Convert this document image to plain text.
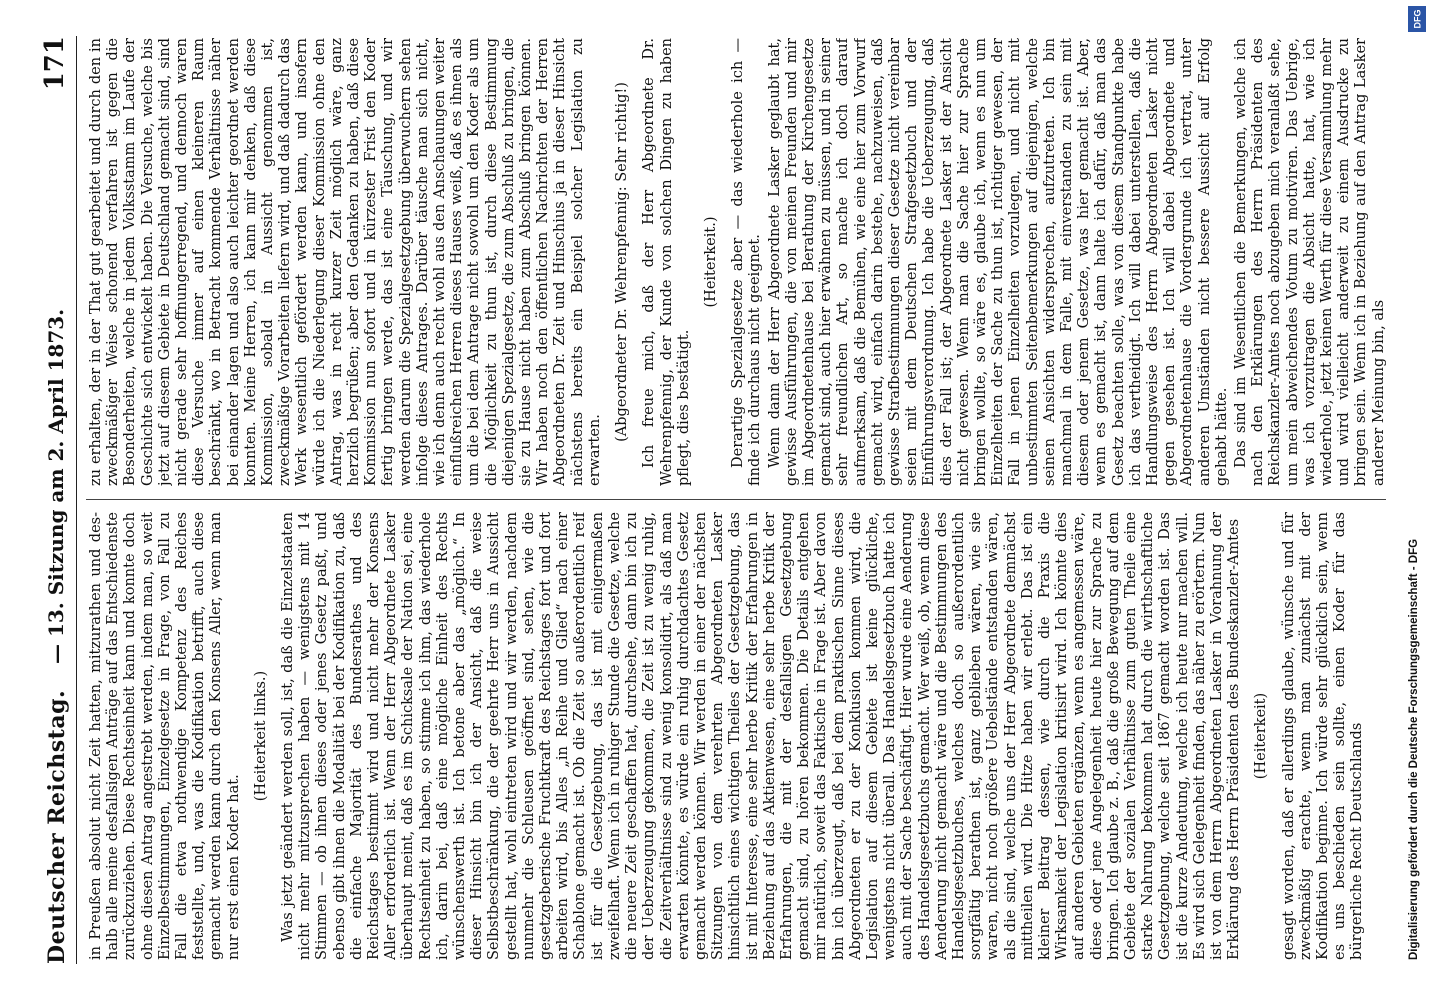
Deutscher Reichstag.
— 13. Sitzung am 2. April 1873.
171

in Preußen absolut nicht Zeit hatten, mitzurathen und des-halb alle meine desfallsigen Anträge auf das Entschiedenste zurückzuziehen. Diese Rechtseinheit kann und konnte doch ohne diesen Antrag angestrebt werden, indem man, so weit Einzelbestimmungen, Einzelgesetze in Frage, von Fall zu Fall die etwa nothwendige Kompetenz des Reiches feststellte, und, was die Kodifikation betrifft, auch diese gemacht werden kann durch den Konsens Aller, wenn man nur erst einen Koder hat.

(Heiterkeit links.) Was jetzt geändert werden soll, ist, daß die Einzelstaaten nicht mehr mitzusprechen haben — wenigstens mit 14 Stimmen — ob ihnen dieses oder jenes Gesetz paßt, und ebenso gibt ihnen die Modalität bei der Kodifikation zu, daß die einfache Majorität des Bundesrathes und des Reichstages bestimmt wird und nicht mehr der Konsens Aller erforderlich ist. Wenn der Herr Abgeordnete Lasker überhaupt meint, daß es im Schicksale der Nation sei, eine Rechtseinheit zu haben, so stimme ich ihm, das wiederhole ich, darin bei, daß eine mögliche Einheit des Rechts wünschenswerth ist. Ich betone aber das „möglich.“ In dieser Hinsicht bin ich der Ansicht, daß die weise Selbstbeschränkung, die der geehrte Herr uns in Aussicht gestellt hat, wohl eintreten wird und wir werden, nachdem nunmehr die Schleusen geöffnet sind, sehen, wie die gesetzgeberische Fruchtkraft des Reichstages fort und fort arbeiten wird, bis Alles „in Reihe und Glied“ nach einer Schablone gemacht ist. Ob die Zeit so außerordentlich reif ist für die Gesetzgebung, das ist mit einigermaßen zweifelhaft. Wenn ich in ruhiger Stunde die Gesetze, welche die neuere Zeit geschaffen hat, durchsehe, dann bin ich zu der Ueberzeugung gekommen, die Zeit ist zu wenig ruhig, die Zeitverhältnisse sind zu wenig konsolidirt, als daß man erwarten könnte, es würde ein ruhig durchdachtes Gesetz gemacht werden können. Wir werden in einer der nächsten Sitzungen von dem verehrten Abgeordneten Lasker hinsichtlich eines wichtigen Theiles der Gesetzgebung, das ist mit Interesse, eine sehr herbe Kritik der Erfahrungen in Beziehung auf das Aktienwesen, eine sehr herbe Kritik der Erfahrungen, die mit der desfallsigen Gesetzgebung gemacht sind, zu hören bekommen. Die Details entgehen mir natürlich, soweit das Faktische in Frage ist. Aber davon bin ich überzeugt, daß bei dem praktischen Sinne dieses Abgeordneten er zu der Konklusion kommen wird, die Legislation auf diesem Gebiete ist keine glückliche, wenigstens nicht überall. Das Handelsgesetzbuch hatte ich auch mit der Sache beschäftigt. Hier wurde eine Aenderung des Handelsgesetzbuchs gemacht. Wer weiß, ob, wenn diese Aenderung nicht gemacht wäre und die Bestimmungen des Handelsgesetzbuches, welches doch so außerordentlich sorgfältig berathen ist, ganz geblieben wären, wie sie waren, nicht noch größere Uebelstände entstanden wären, als die sind, welche uns der Herr Abgeordnete demnächst mittheilen wird. Die Hitze haben wir erlebt. Das ist ein kleiner Beitrag dessen, wie durch die Praxis die Wirksamkeit der Legislation kritisirt wird. Ich könnte dies auf anderen Gebieten ergänzen, wenn es angemessen wäre, diese oder jene Angelegenheit heute hier zur Sprache zu bringen. Ich glaube z. B., daß die große Bewegung auf dem Gebiete der sozialen Verhältnisse zum guten Theile eine starke Nahrung bekommen hat durch die wirthschaftliche Gesetzgebung, welche seit 1867 gemacht worden ist. Das ist die kurze Andeutung, welche ich heute nur machen will. Es wird sich Gelegenheit finden, das näher zu erörtern. Nun ist von dem Herrn Abgeordneten Lasker in Vorahnung der Erklärung des Herrn Präsidenten des Bundeskanzler-Amtes (Heiterkeit) gesagt worden, daß er allerdings glaube, wünsche und für zweckmäßig erachte, wenn man zunächst mit der Kodifikation beginne. Ich würde sehr glücklich sein, wenn es uns beschieden sein sollte, einen Koder für das bürgerliche Recht Deutschlands

zu erhalten, der in der That gut gearbeitet und durch den in zweckmäßiger Weise schonend verfahren ist gegen die Besonderheiten, welche in jedem Volksstamm im Laufe der Geschichte sich entwickelt haben. Die Versuche, welche bis jetzt auf diesem Gebiete in Deutschland gemacht sind, sind nicht gerade sehr hoffnungerregend, und dennoch waren diese Versuche immer auf einen kleineren Raum beschränkt, wo in Betracht kommende Verhältnisse näher bei einander lagen und also auch leichter geordnet werden konnten. Meine Herren, ich kann mir denken, daß diese Kommission, sobald in Aussicht genommen ist, zweckmäßige Vorarbeiten liefern wird, und daß dadurch das Werk wesentlich gefördert werden kann, und insofern würde ich die Niederlegung dieser Kommission ohne den Antrag, was in recht kurzer Zeit möglich wäre, ganz herzlich begrüßen; aber den Gedanken zu haben, daß diese Kommission nun sofort und in kürzester Frist den Koder fertig bringen werde, das ist eine Täuschung, und wir werden darum die Spezialgesetzgebung überwuchern sehen infolge dieses Antrages. Darüber täusche man sich nicht, wie ich denn auch recht wohl aus den Anschauungen weiter einflußreichen Herren dieses Hauses weiß, daß es ihnen als um die bei dem Antrage nicht sowohl um den Koder als um die Möglichkeit zu thun ist, durch diese Bestimmung diejenigen Spezialgesetze, die zum Abschluß zu bringen, die sie zu Hause nicht haben zum Abschluß bringen können. Wir haben noch den öffentlichen Nachrichten der Herren Abgeordneten Dr. Zeit und Hinschius ja in dieser Hinsicht nächstens bereits ein Beispiel solcher Legislation zu erwarten.

(Abgeordneter Dr. Wehrenpfennig: Sehr richtig!) Ich freue mich, daß der Herr Abgeordnete Dr. Wehrenpfennig, der Kunde von solchen Dingen zu haben pflegt, dies bestätigt.

(Heiterkeit.) Derartige Spezialgesetze aber — das wiederhole ich — finde ich durchaus nicht geeignet. Wenn dann der Herr Abgeordnete Lasker geglaubt hat, gewisse Ausführungen, die von meinen Freunden und mir im Abgeordnetenhause bei Berathung der Kirchengesetze gemacht sind, auch hier erwähnen zu müssen, und in seiner sehr freundlichen Art, so mache ich doch darauf aufmerksam, daß die Bemühen, wie eine hier zum Vorwurf gemacht wird, einfach darin bestehe, nachzuweisen, daß gewisse Strafbestimmungen dieser Gesetze nicht vereinbar seien mit dem Deutschen Strafgesetzbuch und der Einführungsverordnung. Ich habe die Ueberzeugung, daß dies der Fall ist; der Abgeordnete Lasker ist der Ansicht nicht gewesen. Wenn man die Sache hier zur Sprache bringen wollte, so wäre es, glaube ich, wenn es nun um Einzelheiten der Sache zu thun ist, richtiger gewesen, der Fall in jenen Einzelheiten vorzulegen, und nicht mit unbestimmten Seitenbemerkungen auf diejenigen, welche seinen Ansichten widersprechen, aufzutreten. Ich bin manchmal in dem Falle, mit einverstanden zu sein mit diesem oder jenem Gesetze, was hier gemacht ist. Aber, wenn es gemacht ist, dann halte ich dafür, daß man das Gesetz beachten solle, was von diesem Standpunkte habe ich das vertheidigt. Ich will dabei unterstellen, daß die Handlungsweise des Herrn Abgeordneten Lasker nicht gegen gesehen ist. Ich will dabei Abgeordnete und Abgeordnetenhause die Vordergrunde ich vertrat, unter anderen Umständen nicht bessere Aussicht auf Erfolg gehabt hätte. Das sind im Wesentlichen die Bemerkungen, welche ich nach den Erklärungen des Herrn Präsidenten des Reichskanzler-Amtes noch abzugeben mich veranlaßt sehe, um mein abweichendes Votum zu motiviren. Das Uebrige, was ich vorzutragen die Absicht hatte, hat, wie ich wiederhole, jetzt keinen Werth für diese Versammlung mehr und wird vielleicht anderweit zu einem Ausdrucke zu bringen sein. Wenn ich in Beziehung auf den Antrag Lasker anderer Meinung bin, als

DFG
Digitalisierung gefördert durch die Deutsche Forschungsgemeinschaft - DFG
